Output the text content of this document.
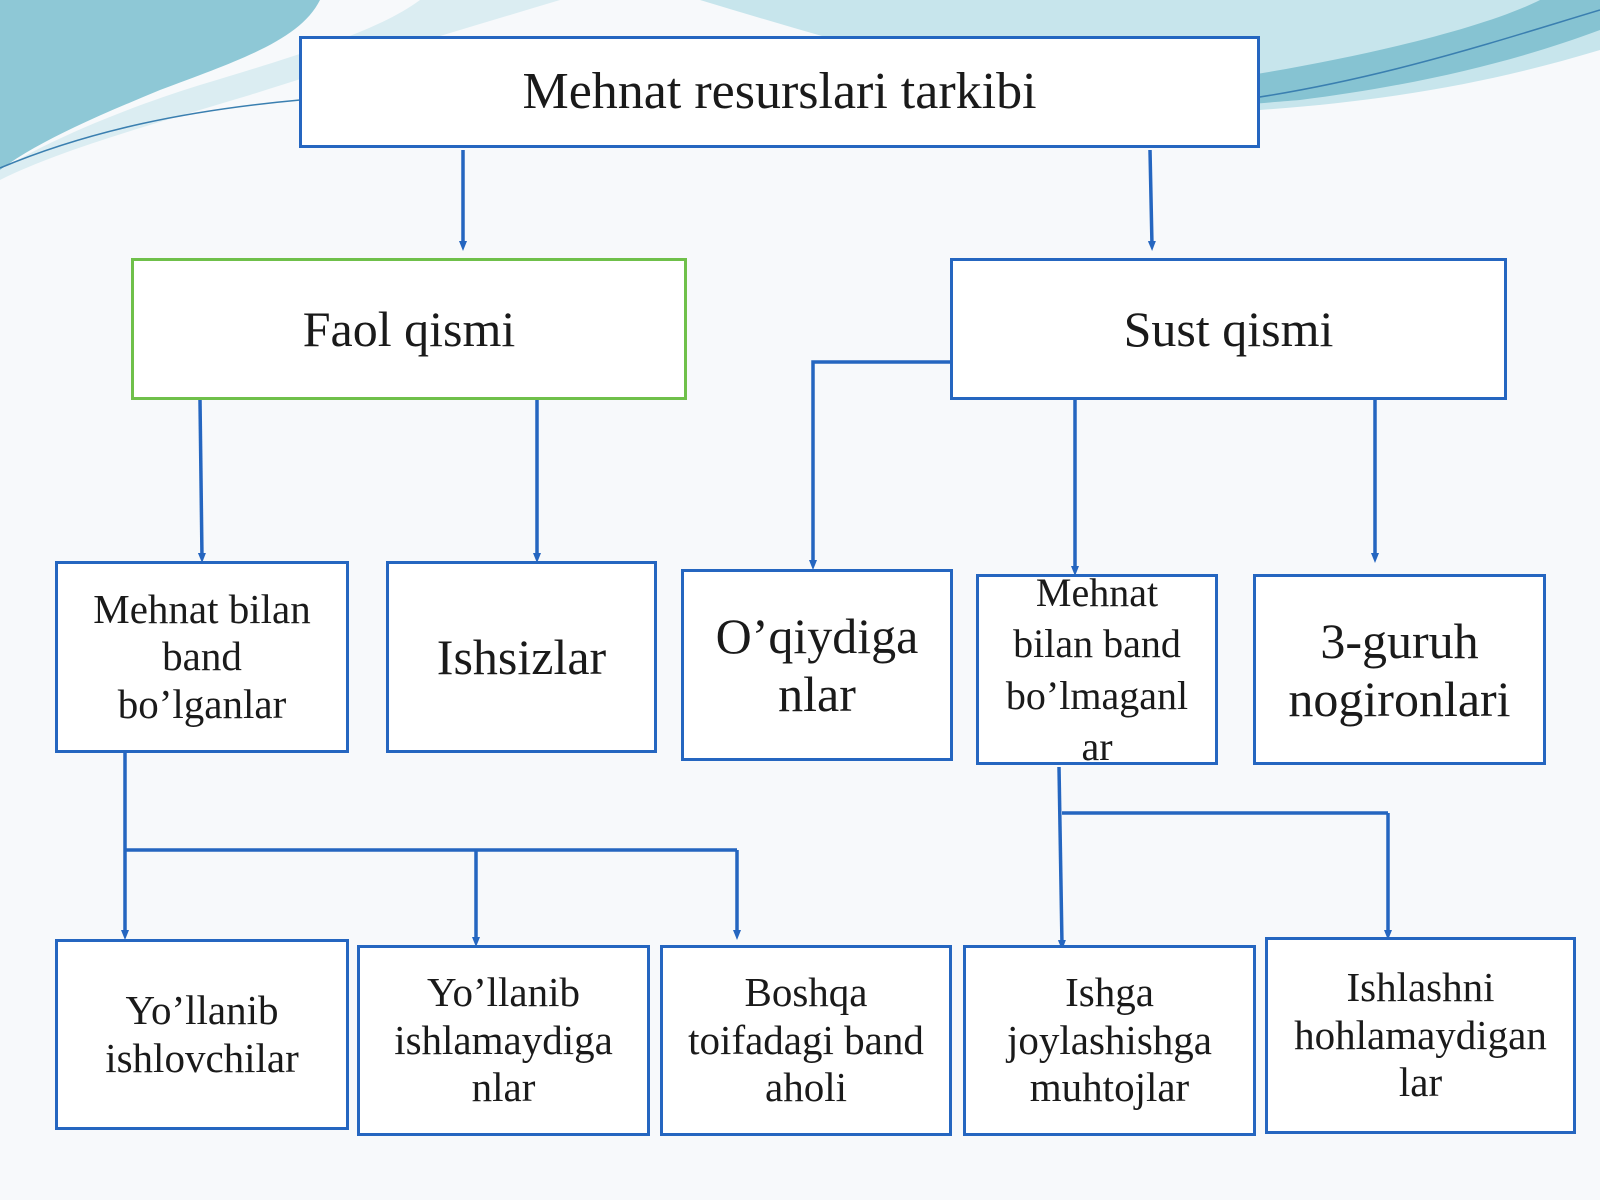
Mehnat resurslari tarkibi
Faol qismi	Sust qismi
Mehnat bilan
band
bo’lganlar
Ishsizlar O’qiydiga
nlar
Mehnat
bilan band
bo’lmaganl
ar
3-guruh
nogironlari
Yo’llanib
ishlovchilar
Yo’llanib
ishlamaydiga
nlar
Boshqa
toifadagi band
aholi
Ishga
joylashishga
muhtojlar
Ishlashni
hohlamaydigan
lar
